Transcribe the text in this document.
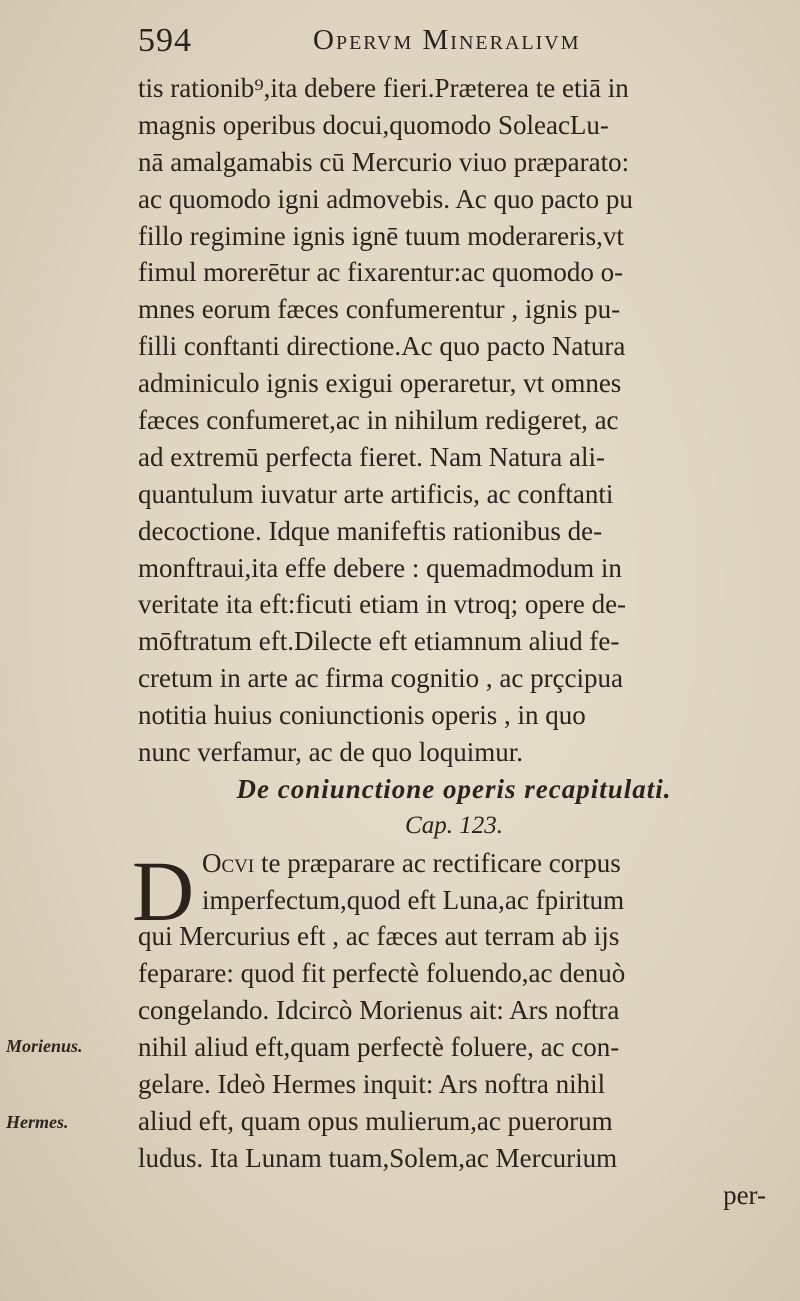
594	Opervm Mineralivm
tis rationib⁹,ita debere fieri.Præterea te etiā in
magnis operibus docui,quomodo SoleacLu-
nā amalgamabis cū Mercurio viuo præparato:
ac quomodo igni admovebis. Ac quo pacto pu
fillo regimine ignis ignē tuum moderareris,vt
fimul morerētur ac fixarentur:ac quomodo o-
mnes eorum fæces confumerentur , ignis pu-
filli conftanti directione.Ac quo pacto Natura
adminiculo ignis exigui operaretur, vt omnes
fæces confumeret,ac in nihilum redigeret, ac
ad extremū perfecta fieret. Nam Natura ali-
quantulum iuvatur arte artificis, ac conftanti
decoctione. Idque manifeftis rationibus de-
monftraui,ita effe debere : quemadmodum in
veritate ita eft:ficuti etiam in vtroq; opere de-
mōftratum eft.Dilecte eft etiamnum aliud fe-
cretum in arte ac firma cognitio , ac prçcipua
notitia huius coniunctionis operis , in quo
nunc verfamur, ac de quo loquimur.
De coniunctione operis recapitulati.
Cap. 123.
D Ocvi te præparare ac rectificare corpus
imperfectum,quod eft Luna,ac fpiritum
qui Mercurius eft , ac fæces aut terram ab ijs
feparare: quod fit perfectè foluendo,ac denuò
congelando. Idcircò Morienus ait: Ars noftra
nihil aliud eft,quam perfectè foluere, ac con-
gelare. Ideò Hermes inquit: Ars noftra nihil
aliud eft, quam opus mulierum,ac puerorum
ludus. Ita Lunam tuam,Solem,ac Mercurium
per-
Morienus.
Hermes.
